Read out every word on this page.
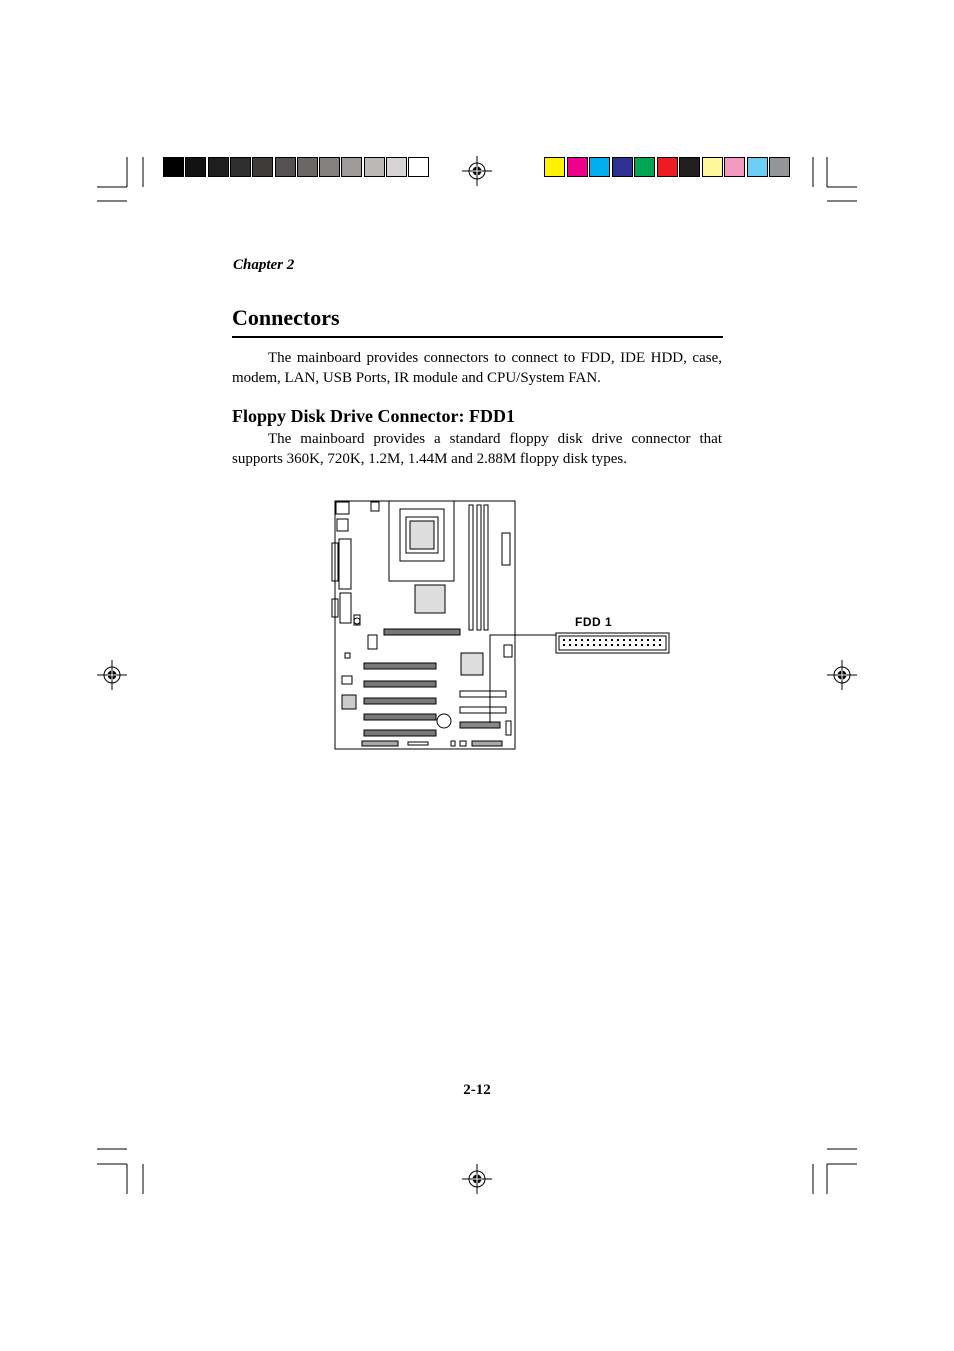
Chapter 2
Connectors
The mainboard provides connectors to connect to FDD, IDE HDD, case, modem, LAN, USB Ports, IR module and CPU/System FAN.
Floppy Disk Drive Connector: FDD1
The mainboard provides a standard floppy disk drive connector that supports 360K, 720K, 1.2M, 1.44M and 2.88M floppy disk types.
FDD 1
2-12
